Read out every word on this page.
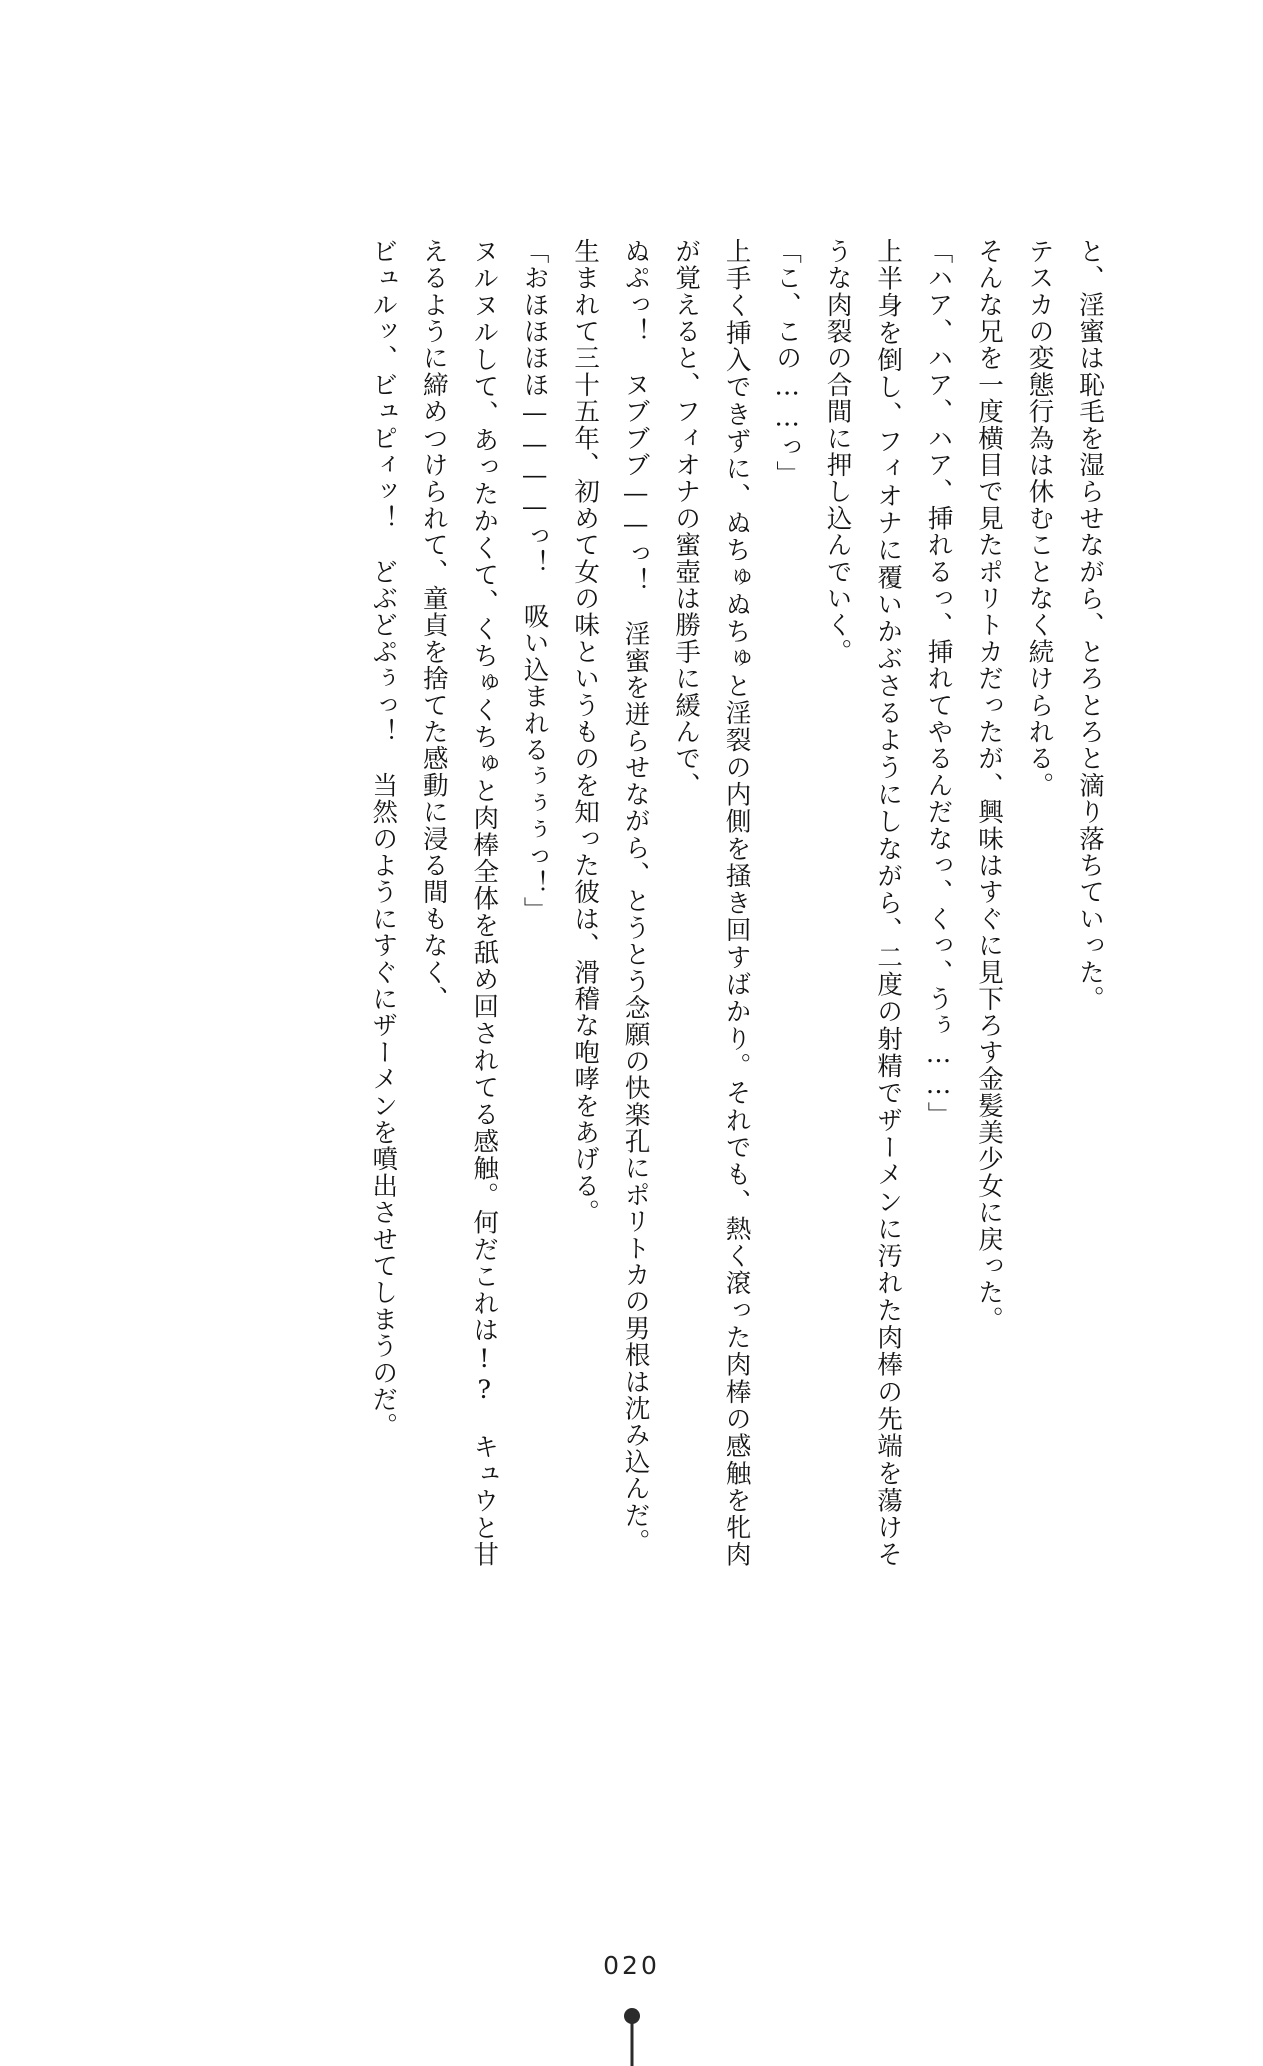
と、淫蜜は恥毛を湿らせながら、とろとろと滴り落ちていった。

テスカの変態行為は休むことなく続けられる。

そんな兄を一度横目で見たポリトカだったが、興味はすぐに見下ろす金髪美少女に戻った。

「ハア、ハア、ハア、挿れるっ、挿れてやるんだなっ、くっ、うぅ……」

上半身を倒し、フィオナに覆いかぶさるようにしながら、二度の射精でザーメンに汚れた肉棒の先端を蕩けそうな肉裂の合間に押し込んでいく。

「こ、この……っ」

上手く挿入できずに、ぬちゅぬちゅと淫裂の内側を掻き回すばかり。それでも、熱く滾った肉棒の感触を牝肉が覚えると、フィオナの蜜壺は勝手に緩んで、

ぬぷっ！　ヌブブブ——っ！　淫蜜を迸らせながら、とうとう念願の快楽孔にポリトカの男根は沈み込んだ。

生まれて三十五年、初めて女の味というものを知った彼は、滑稽な咆哮をあげる。

「おほほほほ————っ！　吸い込まれるぅぅぅっ！」

ヌルヌルして、あったかくて、くちゅくちゅと肉棒全体を舐め回されてる感触。何だこれは!?　キュウと甘えるように締めつけられて、童貞を捨てた感動に浸る間もなく、

ビュルッ、ビュピィッ！　どぶどぷぅっ！　当然のようにすぐにザーメンを噴出させてしまうのだ。

020
